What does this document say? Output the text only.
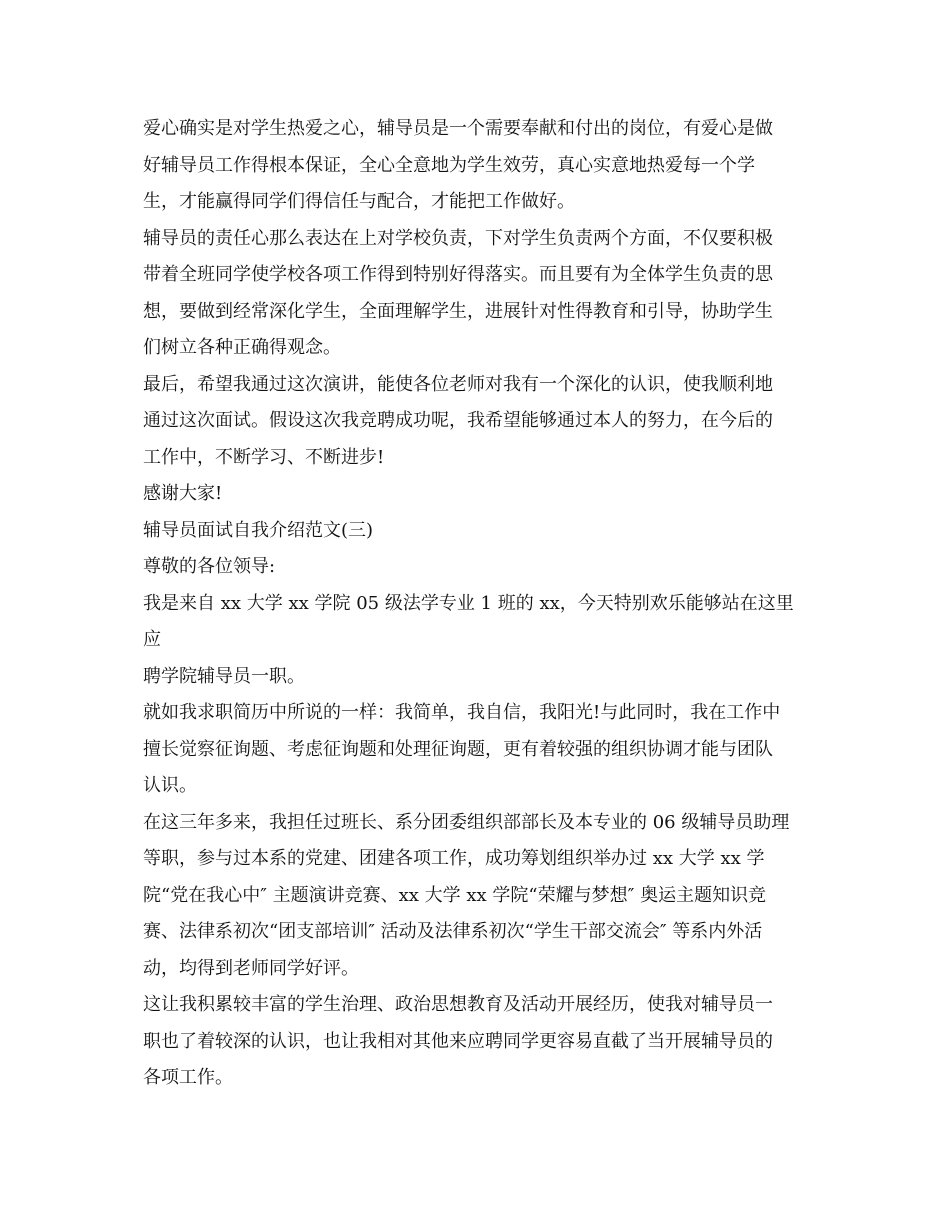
爱心确实是对学生热爱之心，辅导员是一个需要奉献和付出的岗位，有爱心是做
好辅导员工作得根本保证，全心全意地为学生效劳，真心实意地热爱每一个学
生，才能赢得同学们得信任与配合，才能把工作做好。

辅导员的责任心那么表达在上对学校负责，下对学生负责两个方面，不仅要积极
带着全班同学使学校各项工作得到特别好得落实。而且要有为全体学生负责的思
想，要做到经常深化学生，全面理解学生，进展针对性得教育和引导，协助学生
们树立各种正确得观念。

最后，希望我通过这次演讲，能使各位老师对我有一个深化的认识，使我顺利地
通过这次面试。假设这次我竞聘成功呢，我希望能够通过本人的努力，在今后的
工作中，不断学习、不断进步!

感谢大家!

辅导员面试自我介绍范文(三)

尊敬的各位领导:

我是来自 xx 大学 xx 学院 05 级法学专业 1 班的 xx，今天特别欢乐能够站在这里应
聘学院辅导员一职。

就如我求职简历中所说的一样：我简单，我自信，我阳光!与此同时，我在工作中
擅长觉察征询题、考虑征询题和处理征询题，更有着较强的组织协调才能与团队
认识。

在这三年多来，我担任过班长、系分团委组织部部长及本专业的 06 级辅导员助理
等职，参与过本系的党建、团建各项工作，成功筹划组织举办过 xx 大学 xx 学
院“党在我心中″ 主题演讲竞赛、xx 大学 xx 学院“荣耀与梦想″ 奥运主题知识竞
赛、法律系初次“团支部培训″ 活动及法律系初次“学生干部交流会″ 等系内外活
动，均得到老师同学好评。

这让我积累较丰富的学生治理、政治思想教育及活动开展经历，使我对辅导员一
职也了着较深的认识，也让我相对其他来应聘同学更容易直截了当开展辅导员的
各项工作。
